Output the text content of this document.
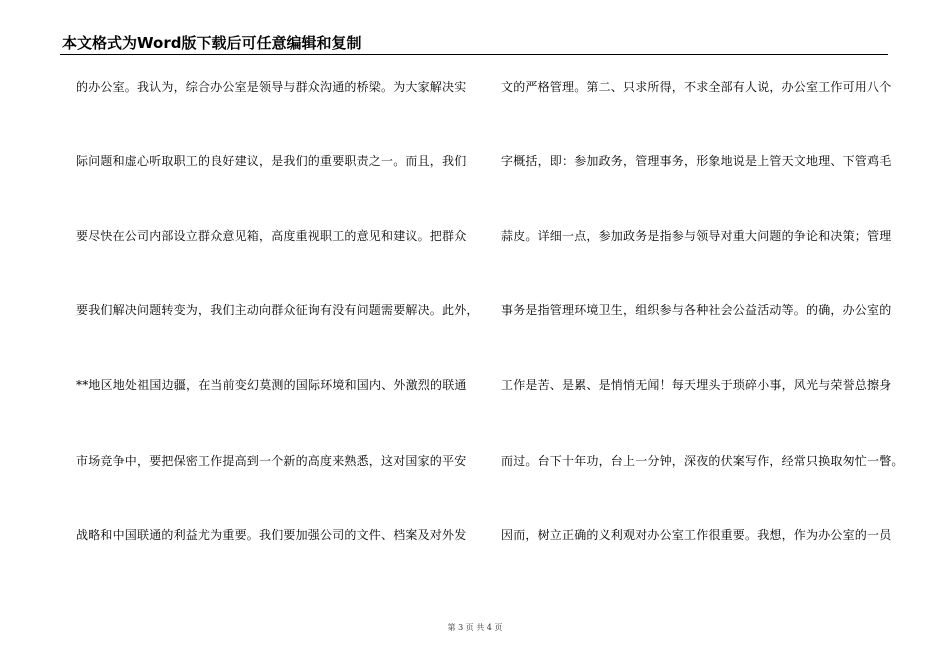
本文格式为Word版下载后可任意编辑和复制
的办公室。我认为，综合办公室是领导与群众沟通的桥梁。为大家解决实
际问题和虚心听取职工的良好建议，是我们的重要职责之一。而且，我们
要尽快在公司内部设立群众意见箱，高度重视职工的意见和建议。把群众
要我们解决问题转变为，我们主动向群众征询有没有问题需要解决。此外，
**地区地处祖国边疆，在当前变幻莫测的国际环境和国内、外激烈的联通
市场竞争中，要把保密工作提高到一个新的高度来熟悉，这对国家的平安
战略和中国联通的利益尤为重要。我们要加强公司的文件、档案及对外发
文的严格管理。第二、只求所得，不求全部有人说，办公室工作可用八个
字概括，即：参加政务，管理事务，形象地说是上管天文地理、下管鸡毛
蒜皮。详细一点，参加政务是指参与领导对重大问题的争论和决策；管理
事务是指管理环境卫生，组织参与各种社会公益活动等。的确，办公室的
工作是苦、是累、是悄悄无闻！每天埋头于琐碎小事，风光与荣誉总擦身
而过。台下十年功，台上一分钟，深夜的伏案写作，经常只换取匆忙一瞥。
因而，树立正确的义利观对办公室工作很重要。我想，作为办公室的一员
第 3 页 共 4 页
